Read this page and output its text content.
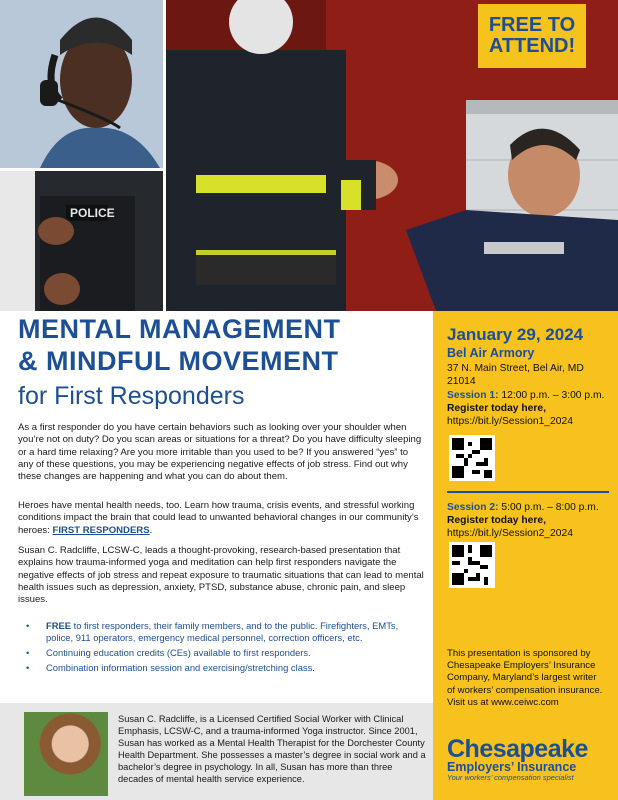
POLICE
FREE TO
ATTEND!
MENTAL MANAGEMENT
& MINDFUL MOVEMENT
for First Responders
As a first responder do you have certain behaviors such as looking over your shoulder when you’re not on duty? Do you scan areas or situations for a threat? Do you have difficulty sleeping or a hard time relaxing? Are you more irritable than you used to be? If you answered “yes” to any of these questions, you may be experiencing negative effects of job stress. Find out why these changes are happening and what you can do about them.
Heroes have mental health needs, too. Learn how trauma, crisis events, and stressful working conditions impact the brain that could lead to unwanted behavioral changes in our community’s heroes: FIRST RESPONDERS.
Susan C. Radcliffe, LCSW-C, leads a thought-provoking, research-based presentation that explains how trauma-informed yoga and meditation can help first responders navigate the negative effects of job stress and repeat exposure to traumatic situations that can lead to mental health issues such as depression, anxiety, PTSD, substance abuse, chronic pain, and sleep issues.
• FREE to first responders, their family members, and to the public. Firefighters, EMTs, police, 911 operators, emergency medical personnel, correction officers, etc.
• Continuing education credits (CEs) available to first responders.
• Combination information session and exercising/stretching class.
Susan C. Radcliffe, is a Licensed Certified Social Worker with Clinical Emphasis, LCSW-C, and a trauma-informed Yoga instructor. Since 2001, Susan has worked as a Mental Health Therapist for the Dorchester County Health Department. She possesses a master’s degree in social work and a bachelor’s degree in psychology. In all, Susan has more than three decades of mental health service experience.
January 29, 2024
Bel Air Armory
37 N. Main Street, Bel Air, MD 21014
Session 1: 12:00 p.m. – 3:00 p.m.
Register today here,
https://bit.ly/Session1_2024
Session 2: 5:00 p.m. – 8:00 p.m.
Register today here,
https://bit.ly/Session2_2024
This presentation is sponsored by Chesapeake Employers’ Insurance Company, Maryland’s largest writer of workers’ compensation insurance. Visit us at www.ceiwc.com
Chesapeake
Employers’ Insurance
Your workers’ compensation specialist
